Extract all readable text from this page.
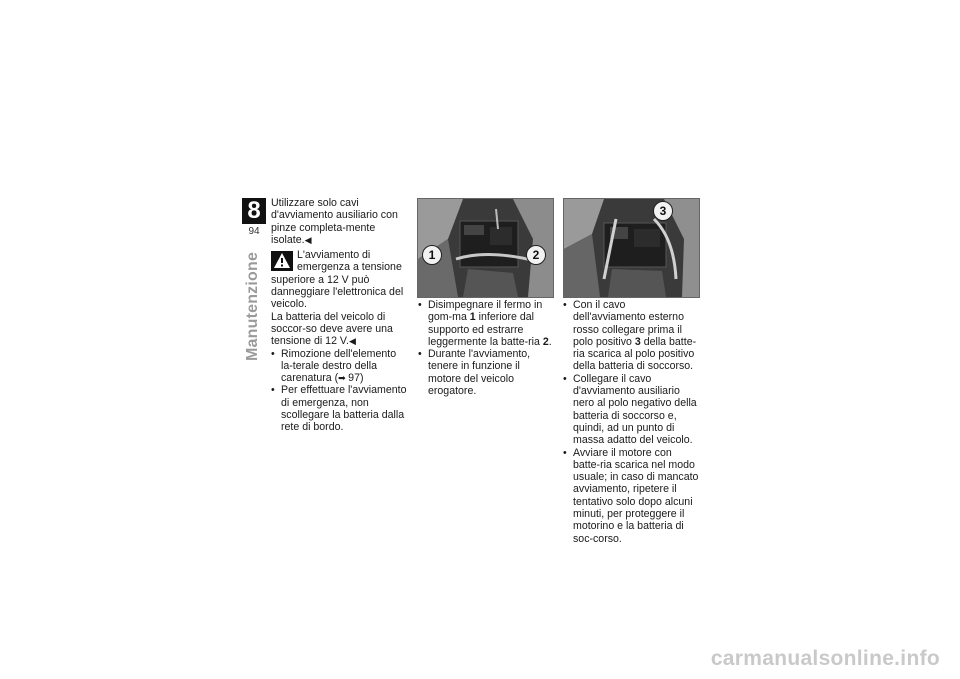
8
94
Manutenzione

Utilizzare solo cavi d'avviamento ausiliario con pinze completa-mente isolate.◀

L'avviamento di emergenza a tensione superiore a 12 V può danneggiare l'elettronica del veicolo.

La batteria del veicolo di soccor-so deve avere una tensione di 12 V.◀

• Rimozione dell'elemento la-terale destro della carenatura (➡ 97)
• Per effettuare l'avviamento di emergenza, non scollegare la batteria dalla rete di bordo.
1	2
3
• Disimpegnare il fermo in gom-ma 1 inferiore dal supporto ed estrarre leggermente la batte-ria 2.
• Durante l'avviamento, tenere in funzione il motore del veicolo erogatore.
• Con il cavo dell'avviamento esterno rosso collegare prima il polo positivo 3 della batte-ria scarica al polo positivo della batteria di soccorso.
• Collegare il cavo d'avviamento ausiliario nero al polo negativo della batteria di soccorso e, quindi, ad un punto di massa adatto del veicolo.
• Avviare il motore con batte-ria scarica nel modo usuale; in caso di mancato avviamento, ripetere il tentativo solo dopo alcuni minuti, per proteggere il motorino e la batteria di soc-corso.
carmanualsonline.info
